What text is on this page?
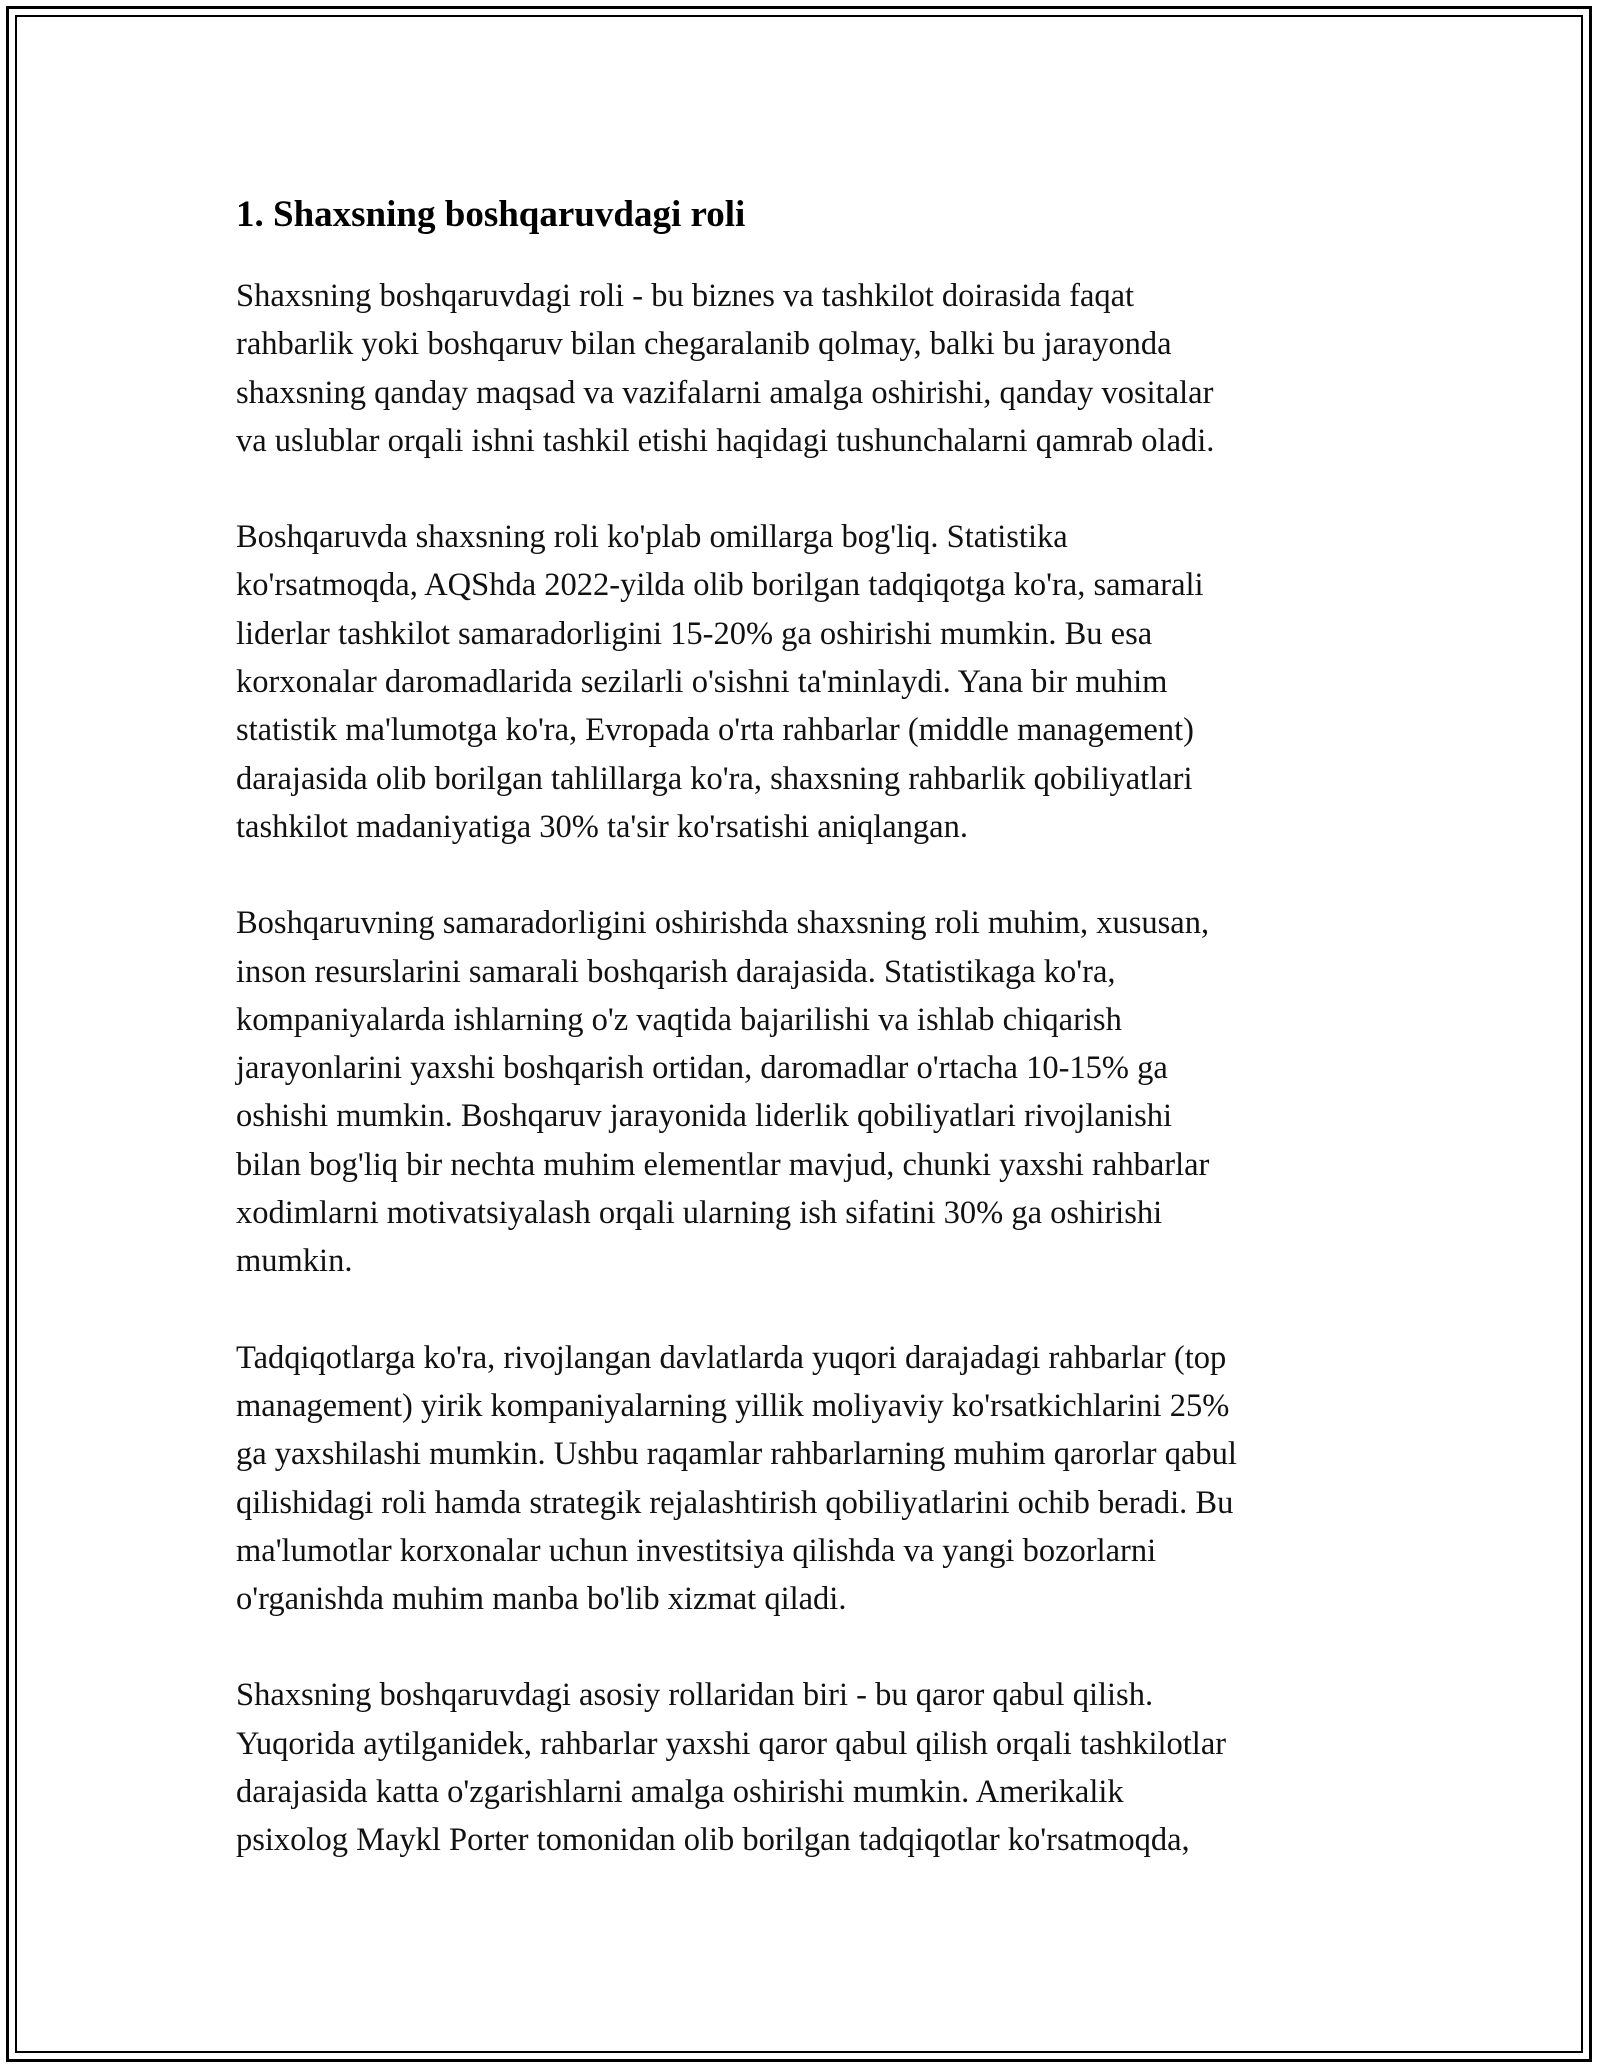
1. Shaxsning boshqaruvdagi roli

Shaxsning boshqaruvdagi roli - bu biznes va tashkilot doirasida faqat
rahbarlik yoki boshqaruv bilan chegaralanib qolmay, balki bu jarayonda
shaxsning qanday maqsad va vazifalarni amalga oshirishi, qanday vositalar
va uslublar orqali ishni tashkil etishi haqidagi tushunchalarni qamrab oladi.

Boshqaruvda shaxsning roli ko'plab omillarga bog'liq. Statistika
ko'rsatmoqda, AQShda 2022-yilda olib borilgan tadqiqotga ko'ra, samarali
liderlar tashkilot samaradorligini 15-20% ga oshirishi mumkin. Bu esa
korxonalar daromadlarida sezilarli o'sishni ta'minlaydi. Yana bir muhim
statistik ma'lumotga ko'ra, Evropada o'rta rahbarlar (middle management)
darajasida olib borilgan tahlillarga ko'ra, shaxsning rahbarlik qobiliyatlari
tashkilot madaniyatiga 30% ta'sir ko'rsatishi aniqlangan.

Boshqaruvning samaradorligini oshirishda shaxsning roli muhim, xususan,
inson resurslarini samarali boshqarish darajasida. Statistikaga ko'ra,
kompaniyalarda ishlarning o'z vaqtida bajarilishi va ishlab chiqarish
jarayonlarini yaxshi boshqarish ortidan, daromadlar o'rtacha 10-15% ga
oshishi mumkin. Boshqaruv jarayonida liderlik qobiliyatlari rivojlanishi
bilan bog'liq bir nechta muhim elementlar mavjud, chunki yaxshi rahbarlar
xodimlarni motivatsiyalash orqali ularning ish sifatini 30% ga oshirishi
mumkin.

Tadqiqotlarga ko'ra, rivojlangan davlatlarda yuqori darajadagi rahbarlar (top
management) yirik kompaniyalarning yillik moliyaviy ko'rsatkichlarini 25%
ga yaxshilashi mumkin. Ushbu raqamlar rahbarlarning muhim qarorlar qabul
qilishidagi roli hamda strategik rejalashtirish qobiliyatlarini ochib beradi. Bu
ma'lumotlar korxonalar uchun investitsiya qilishda va yangi bozorlarni
o'rganishda muhim manba bo'lib xizmat qiladi.

Shaxsning boshqaruvdagi asosiy rollaridan biri - bu qaror qabul qilish.
Yuqorida aytilganidek, rahbarlar yaxshi qaror qabul qilish orqali tashkilotlar
darajasida katta o'zgarishlarni amalga oshirishi mumkin. Amerikalik
psixolog Maykl Porter tomonidan olib borilgan tadqiqotlar ko'rsatmoqda,
